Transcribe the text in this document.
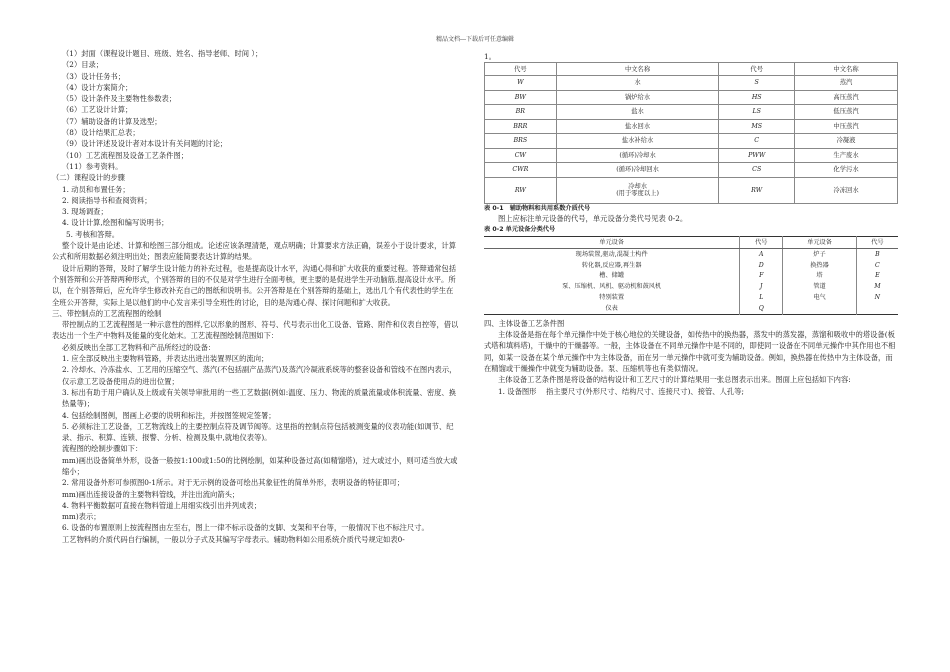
精品文档---下载后可任意编辑

（1）封面（课程设计题目、班级、姓名、指导老师、时间 ）；

（2）目录；

（3）设计任务书；

（4）设计方案简介；

（5）设计条件及主要物性参数表；

（6）工艺设计计算；

（7）辅助设备的计算及选型；

（8）设计结果汇总表；

（9）设计评述及设计者对本设计有关问题的讨论；

（10）工艺流程图及设备工艺条件图；

（11）参考资料。

（二）课程设计的步骤

1. 动员和布置任务；

2. 阅读指导书和查阅资料；

3. 现场调查；

4. 设计计算,绘图和编写说明书；

5. 考核和答辩。

整个设计是由论述、计算和绘图三部分组成。论述应该条理清楚，观点明确；计算要求方法正确，误差小于设计要求，计算公式和所用数据必须注明出处；图表应能简要表达计算的结果。

设计后期的答辩，及时了解学生设计能力的补充过程，也是提高设计水平，沟通心得和扩大收获的重要过程。答辩通常包括个别答辩和公开答辩两种形式，个别答辩的目的不仅是对学生进行全面考核，更主要的是促进学生开动脑筋,提高设计水平。所以，在个别答辩后，应允许学生修改补充自己的图纸和说明书。公开答辩是在个别答辩的基础上，选出几个有代表性的学生在全班公开答辩，实际上是以他们的中心发言来引导全班性的讨论，目的是沟通心得、探讨问题和扩大收获。

三、带控制点的工艺流程图的绘制

带控制点的工艺流程图是一种示意性的图样,它以形象的图形、符号、代号表示出化工设备、管路、附件和仪表自控等，借以表达出一个生产中物料及能量的变化始末。工艺流程图绘制范围如下：

必须反映出全部工艺物料和产品所经过的设备：

1. 应全部反映出主要物料管路，并表达出进出装置界区的流向；

2. 冷却水、冷冻盐水、工艺用的压缩空气、蒸汽(不包括副产品蒸汽)及蒸汽冷凝液系统等的整套设备和管线不在图内表示，仅示意工艺设备使用点的进出位置；

3. 标出有助于用户确认及上级或有关领导审批用的一些工艺数据(例如:温度、压力、物流的质量流量或体积流量、密度、换热量等)；

4. 包括绘制图例，图画上必要的说明和标注，并按图签规定签署；

5. 必须标注工艺设备，工艺物流线上的主要控制点符及调节阀等。这里指的控制点符包括被测变量的仪表功能(如调节、纪录、指示、积算、连锁、报警、分析、检测及集中,就地仪表等)。

流程图的绘制步骤如下：

mm)画出设备简单外形，设备一般按1:100或1:50的比例绘制，如某种设备过高(如精馏塔)，过大或过小，则可适当放大或缩小；

2. 常用设备外形可参照图0-1所示。对于无示例的设备可绘出其象征性的简单外形，表明设备的特征即可；

mm)画出连接设备的主要物料管线，并注出流向箭头；

4. 物料平衡数据可直接在物料管道上用细实线引出并列成表；

mm)表示；

6. 设备的布置原则上按流程图由左至右，图上一律不标示设备的支脚、支架和平台等，一般情况下也不标注尺寸。

工艺物料的介质代码自行编制，一般以分子式及其编写字母表示。辅助物料如公用系统介质代号规定如表0-

1。

代号	中文名称	代号	中文名称
W	水	S	蒸汽
BW	锅炉给水	HS	高压蒸汽
BR	盐水	LS	低压蒸汽
BRR	盐水回水	MS	中压蒸汽
BRS	盐水补给水	C	冷凝液
CW	(循环)冷却水	PWW	生产废水
CWR	(循环)冷却回水	CS	化学污水
RW	冷却水
(用于零度以上)	RW	冷冻回水

表 0-1　辅助物料和共用系数介质代号

图上应标注单元设备的代号，单元设备分类代号见表 0-2。

表 0-2 单元设备分类代号

单元设备	代号	单元设备	代号
现场装置,驱动,混凝土构件	A	炉子	B
转化器,反应器,再生器	D	换热器	C
槽、储罐	F	塔	E
泵、压缩机、风机、驱动机和鼓风机	J	管道	M
特别装置	L	电气	N
仪表	Q		

四、主体设备工艺条件图

主体设备是指在每个单元操作中处于核心地位的关键设备，如传热中的换热器，蒸发中的蒸发器，蒸馏和吸收中的塔设备(板式塔和填料塔)，干燥中的干燥器等。一般，主体设备在不同单元操作中是不同的，即使同一设备在不同单元操作中其作用也不相同，如某一设备在某个单元操作中为主体设备，而在另一单元操作中就可变为辅助设备。例如，换热器在传热中为主体设备，而在精馏或干燥操作中就变为辅助设备。泵、压缩机等也有类似情况。

主体设备工艺条件图是将设备的结构设计和工艺尺寸的计算结果用一张总图表示出来。图面上应包括如下内容:

1. 设备图形　 指主要尺寸(外形尺寸、结构尺寸、连接尺寸)、接管、人孔等;
